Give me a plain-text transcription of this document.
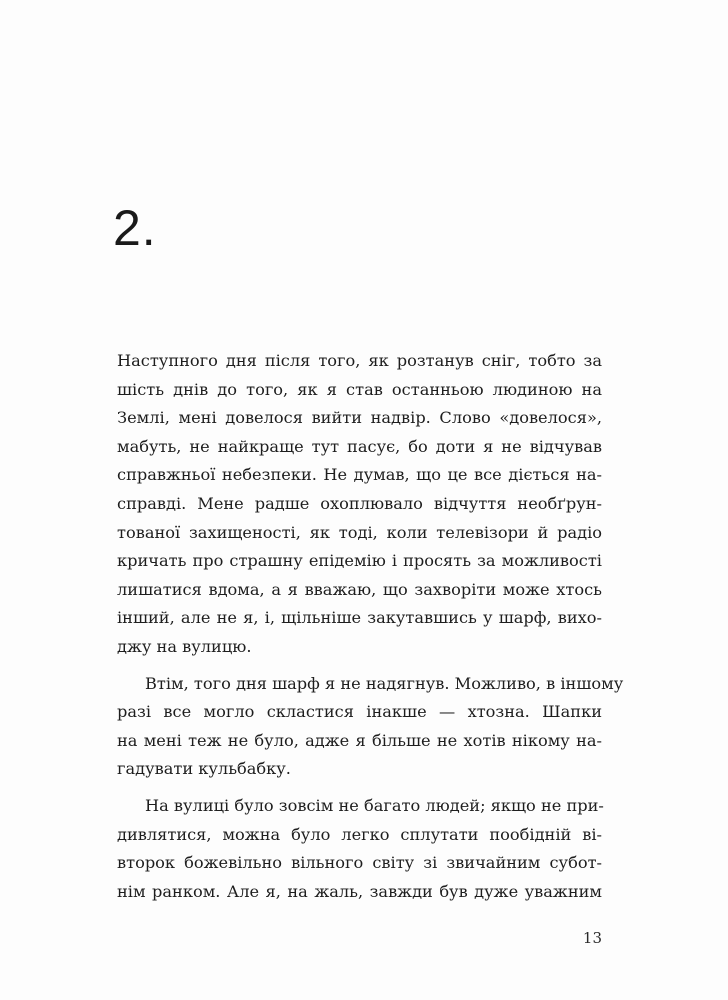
2.
Наступного дня після того, як розтанув сніг, тобто за
шість днів до того, як я став останньою людиною на
Землі, мені довелося вийти надвір. Слово «довелося»,
мабуть, не найкраще тут пасує, бо доти я не відчував
справжньої небезпеки. Не думав, що це все діється на-
справді. Мене радше охоплювало відчуття необґрун-
тованої захищеності, як тоді, коли телевізори й радіо
кричать про страшну епідемію і просять за можливості
лишатися вдома, а я вважаю, що захворіти може хтось
інший, але не я, і, щільніше закутавшись у шарф, вихо-
джу на вулицю.
Втім, того дня шарф я не надягнув. Можливо, в іншому
разі все могло скластися інакше — хтозна. Шапки
на мені теж не було, адже я більше не хотів нікому на-
гадувати кульбабку.
На вулиці було зовсім не багато людей; якщо не при-
дивлятися, можна було легко сплутати пообідній ві-
второк божевільно вільного світу зі звичайним субот-
нім ранком. Але я, на жаль, завжди був дуже уважним
13
